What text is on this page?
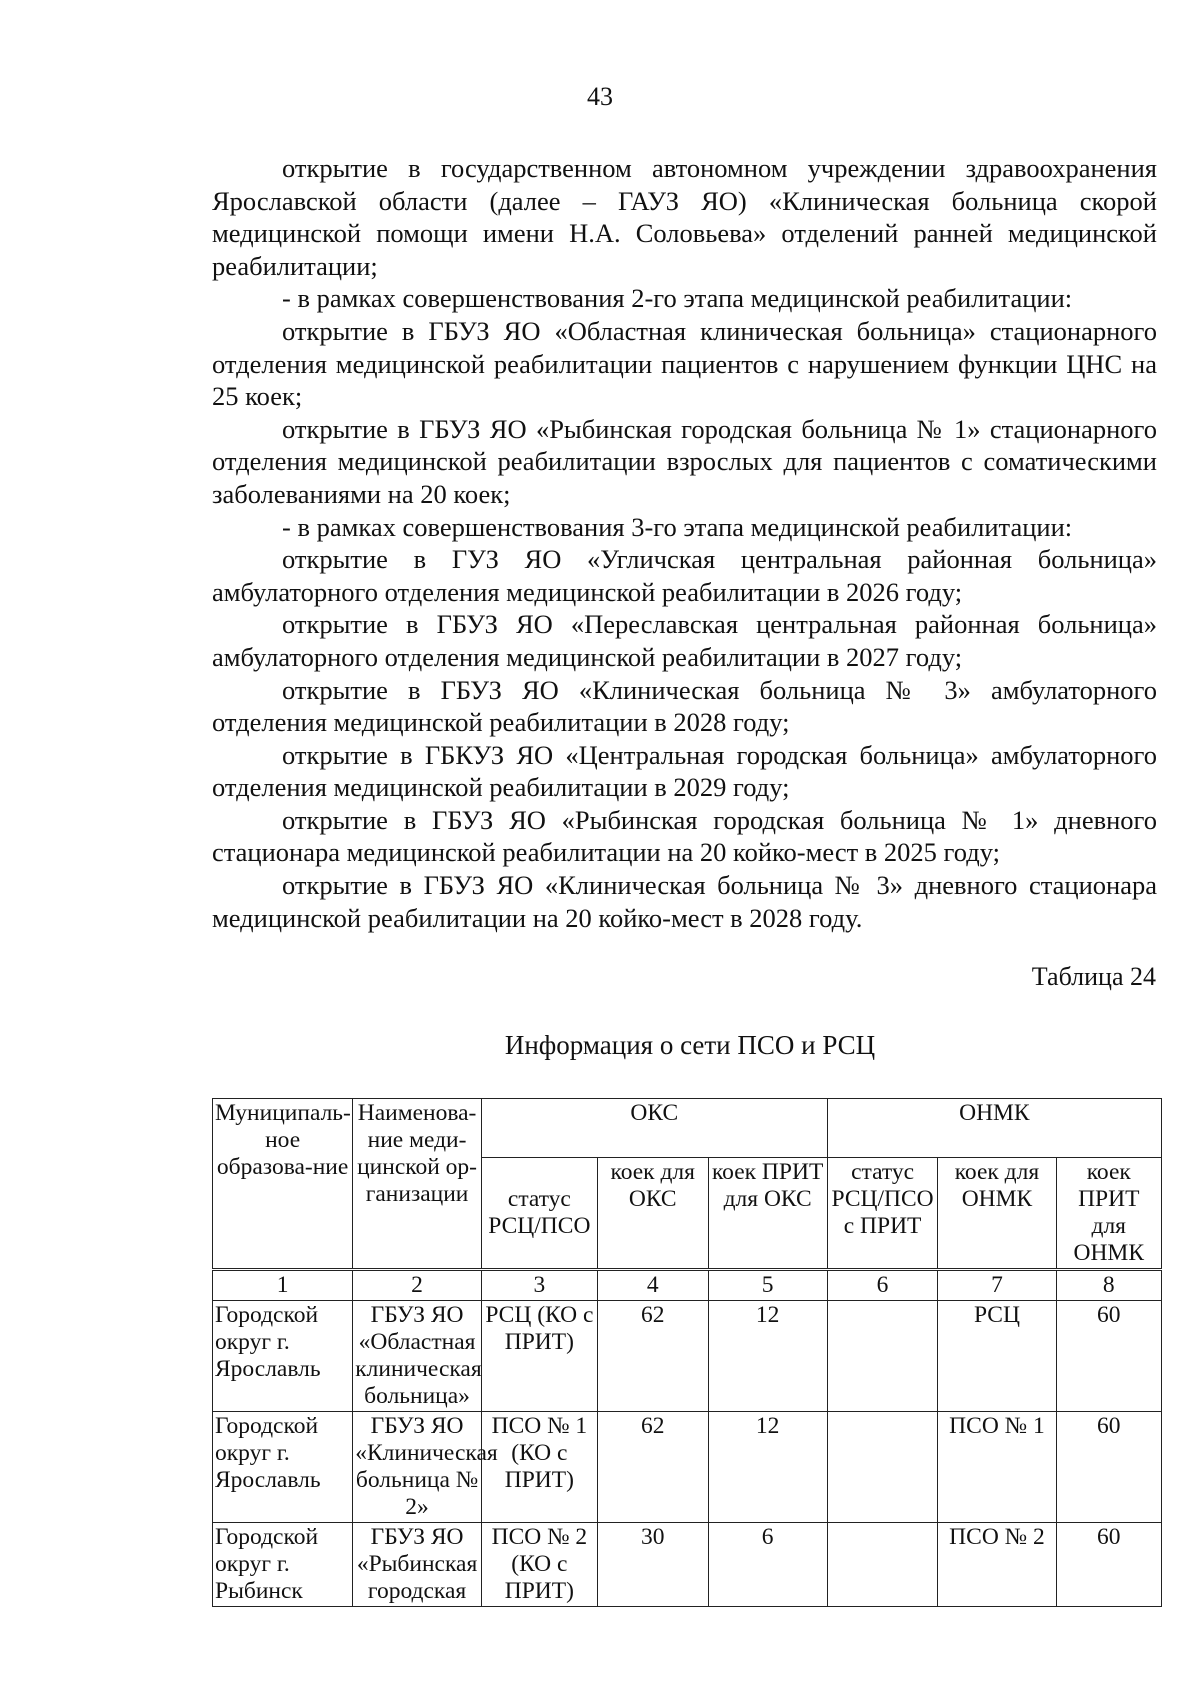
43

открытие в государственном автономном учреждении здравоохранения Ярославской области (далее – ГАУЗ ЯО) «Клиническая больница скорой медицинской помощи имени Н.А. Соловьева» отделений ранней медицинской реабилитации;

- в рамках совершенствования 2-го этапа медицинской реабилитации:

открытие в ГБУЗ ЯО «Областная клиническая больница» стационарного отделения медицинской реабилитации пациентов с нарушением функции ЦНС на 25 коек;

открытие в ГБУЗ ЯО «Рыбинская городская больница № 1» стационарного отделения медицинской реабилитации взрослых для пациентов с соматическими заболеваниями на 20 коек;

- в рамках совершенствования 3-го этапа медицинской реабилитации:

открытие в ГУЗ ЯО «Угличская центральная районная больница» амбулаторного отделения медицинской реабилитации в 2026 году;

открытие в ГБУЗ ЯО «Переславская центральная районная больница» амбулаторного отделения медицинской реабилитации в 2027 году;

открытие в ГБУЗ ЯО «Клиническая больница № 3» амбулаторного отделения медицинской реабилитации в 2028 году;

открытие в ГБКУЗ ЯО «Центральная городская больница» амбулаторного отделения медицинской реабилитации в 2029 году;

открытие в ГБУЗ ЯО «Рыбинская городская больница № 1» дневного стационара медицинской реабилитации на 20 койко-мест в 2025 году;

открытие в ГБУЗ ЯО «Клиническая больница № 3» дневного стационара медицинской реабилитации на 20 койко-мест в 2028 году.

Таблица 24
Информация о сети ПСО и РСЦ
Муниципаль-ное образова-ние	Наименова-ние меди-цинской ор-ганизации	ОКС			ОНМК		
		статус РСЦ/ПСО	коек для ОКС	коек ПРИТ для ОКС	статус РСЦ/ПСО с ПРИТ	коек для ОНМК	коек ПРИТ для ОНМК
1	2	3	4	5	6	7	8
Городской округ г. Ярославль	ГБУЗ ЯО «Областная клиническая больница»	РСЦ (КО с ПРИТ)	62	12		РСЦ	60
Городской округ г. Ярославль	ГБУЗ ЯО «Клиническая больница № 2»	ПСО № 1 (КО с ПРИТ)	62	12		ПСО № 1	60
Городской округ г. Рыбинск	ГБУЗ ЯО «Рыбинская городская	ПСО № 2 (КО с ПРИТ)	30	6		ПСО № 2	60
